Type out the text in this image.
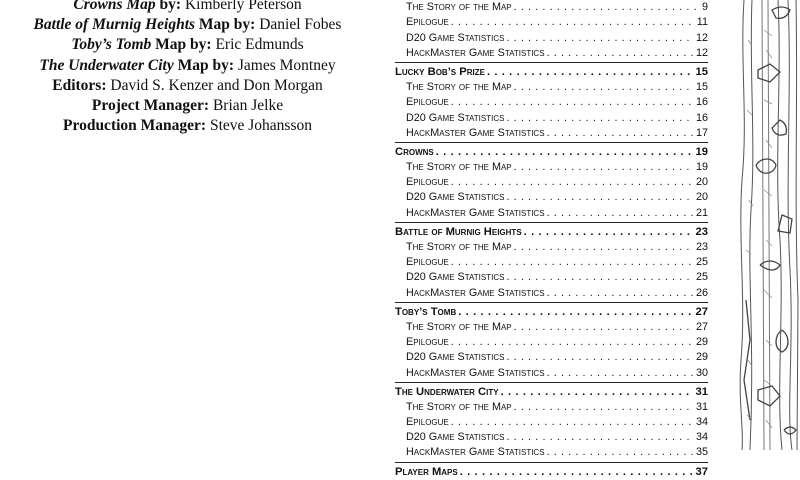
Crowns Map by: Kimberly Peterson
Battle of Murnig Heights Map by: Daniel Fobes
Toby’s Tomb Map by: Eric Edmunds
The Underwater City Map by: James Montney
Editors: David S. Kenzer and Don Morgan
Project Manager: Brian Jelke
Production Manager: Steve Johansson
. . .
The Story of the Map . . .	9
Epilogue . . .	11
D20 Game Statistics . . .	12
HackMaster Game Statistics . . .	12
Lucky Bob’s Prize . . .	15
The Story of the Map . . .	15
Epilogue . . .	16
D20 Game Statistics . . .	16
HackMaster Game Statistics . . .	17
Crowns . . .	19
The Story of the Map . . .	19
Epilogue . . .	20
D20 Game Statistics . . .	20
HackMaster Game Statistics . . .	21
Battle of Murnig Heights . . .	23
The Story of the Map . . .	23
Epilogue . . .	25
D20 Game Statistics . . .	25
HackMaster Game Statistics . . .	26
Toby’s Tomb . . .	27
The Story of the Map . . .	27
Epilogue . . .	29
D20 Game Statistics . . .	29
HackMaster Game Statistics . . .	30
The Underwater City . . .	31
The Story of the Map . . .	31
Epilogue . . .	34
D20 Game Statistics . . .	34
HackMaster Game Statistics . . .	35
Player Maps . . .	37
